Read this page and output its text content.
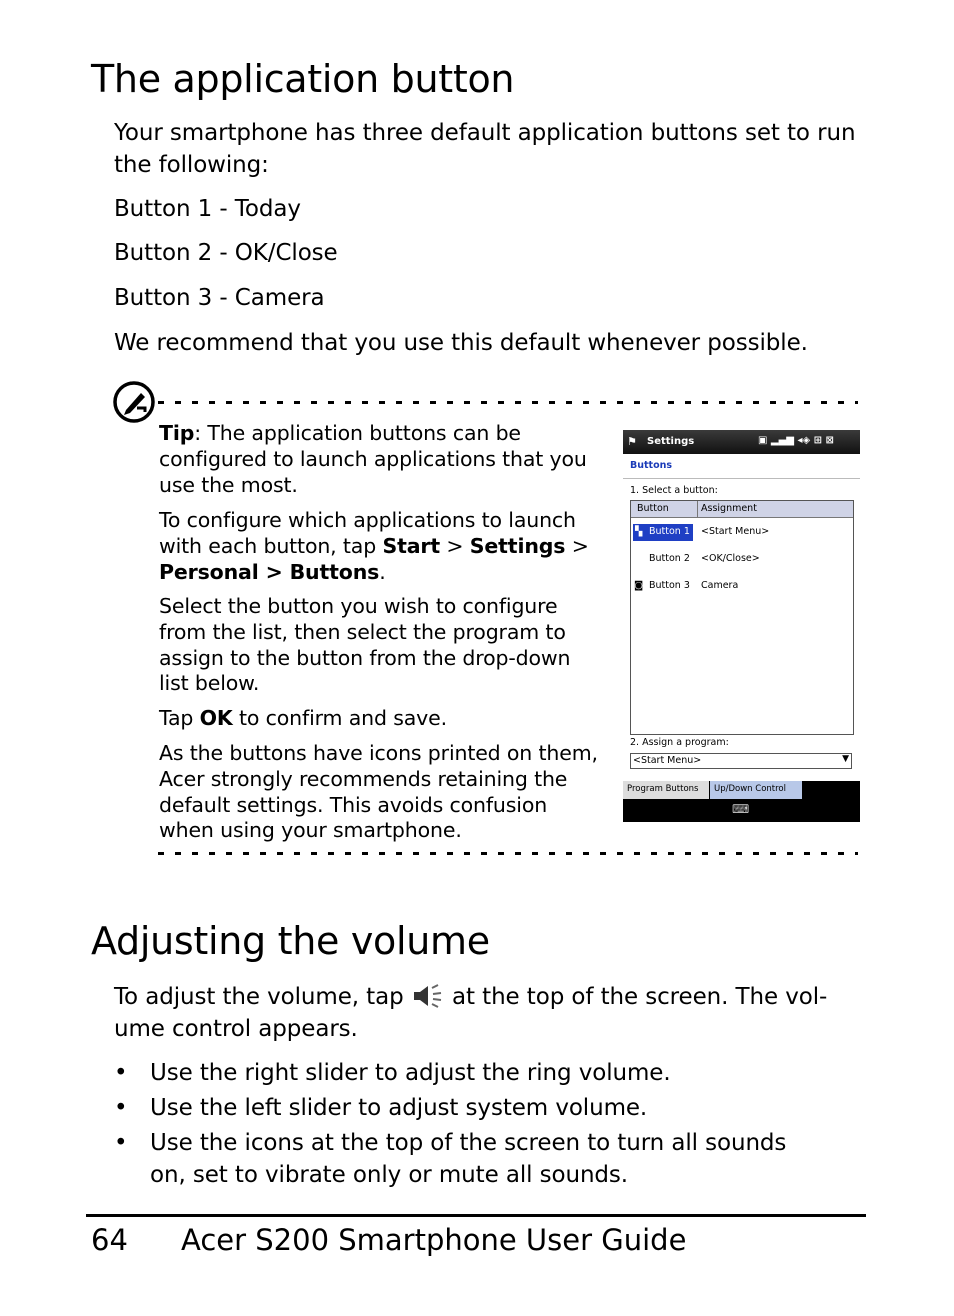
The application button
Your smartphone has three default application buttons set to run the following:
Button 1 - Today
Button 2 - OK/Close
Button 3 - Camera
We recommend that you use this default whenever possible.
Tip: The application buttons can be configured to launch applications that you use the most.
To configure which applications to launch with each button, tap Start > Settings > Personal > Buttons.
Select the button you wish to configure from the list, then select the program to assign to the button from the drop-down list below.
Tap OK to confirm and save.
As the buttons have icons printed on them, Acer strongly recommends retaining the default settings. This avoids confusion when using your smartphone.
⚑ Settings	▣ ▂▄▆ ◂◈ ⊞ ⊠
Buttons
1. Select a button:
Button	Assignment
▚ Button 1 <Start Menu>
Button 2 <OK/Close>
◙ Button 3 Camera
2. Assign a program:
<Start Menu>	▼
Program Buttons Up/Down Control
⌨
Adjusting the volume
To adjust the volume, tap at the top of the screen. The vol-
ume control appears.
• Use the right slider to adjust the ring volume.
• Use the left slider to adjust system volume.
• Use the icons at the top of the screen to turn all sounds on, set to vibrate only or mute all sounds.
64 Acer S200 Smartphone User Guide
